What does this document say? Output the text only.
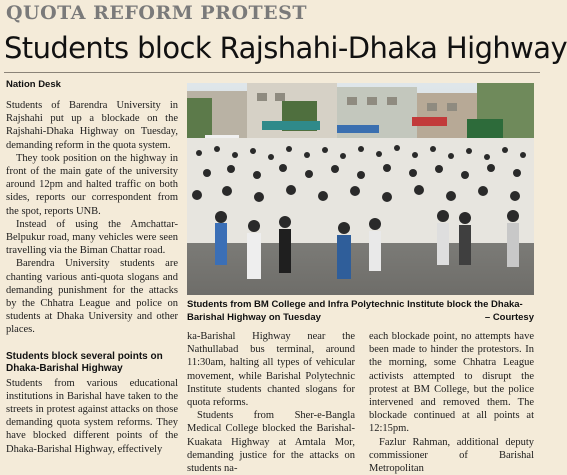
QUOTA REFORM PROTEST
Students block Rajshahi-Dhaka Highway
Nation Desk

Students of Barendra University in Rajshahi put up a blockade on the Rajshahi-Dhaka Highway on Tuesday, demanding reform in the quota system.

They took position on the highway in front of the main gate of the university around 12pm and halted traffic on both sides, reports our correspondent from the spot, reports UNB.

Instead of using the Amchattar-Belpukur road, many vehicles were seen travelling via the Biman Chattar road.

Barendra University students are chanting various anti-quota slogans and demanding punishment for the attacks by the Chhatra League and police on students at Dhaka University and other places.

Students block several points on Dhaka-Barishal Highway

Students from various educational institutions in Barishal have taken to the streets in protest against attacks on those demanding quota system reforms. They have blocked different points of the Dhaka-Barishal Highway, effectively

Students from BM College and Infra Polytechnic Institute block the Dhaka-Barishal Highway on Tuesday	– Courtesy

ka-Barishal Highway near the Nathullabad bus terminal, around 11:30am, halting all types of vehicular movement, while Barishal Polytechnic Institute students chanted slogans for quota reforms.

Students from Sher-e-Bangla Medical College blocked the Barishal-Kuakata Highway at Amtala Mor, demanding justice for the attacks on students na-

each blockade point, no attempts have been made to hinder the protestors. In the morning, some Chhatra League activists attempted to disrupt the protest at BM College, but the police intervened and removed them. The blockade continued at all points at 12:15pm.

Fazlur Rahman, additional deputy commissioner of Barishal Metropolitan
